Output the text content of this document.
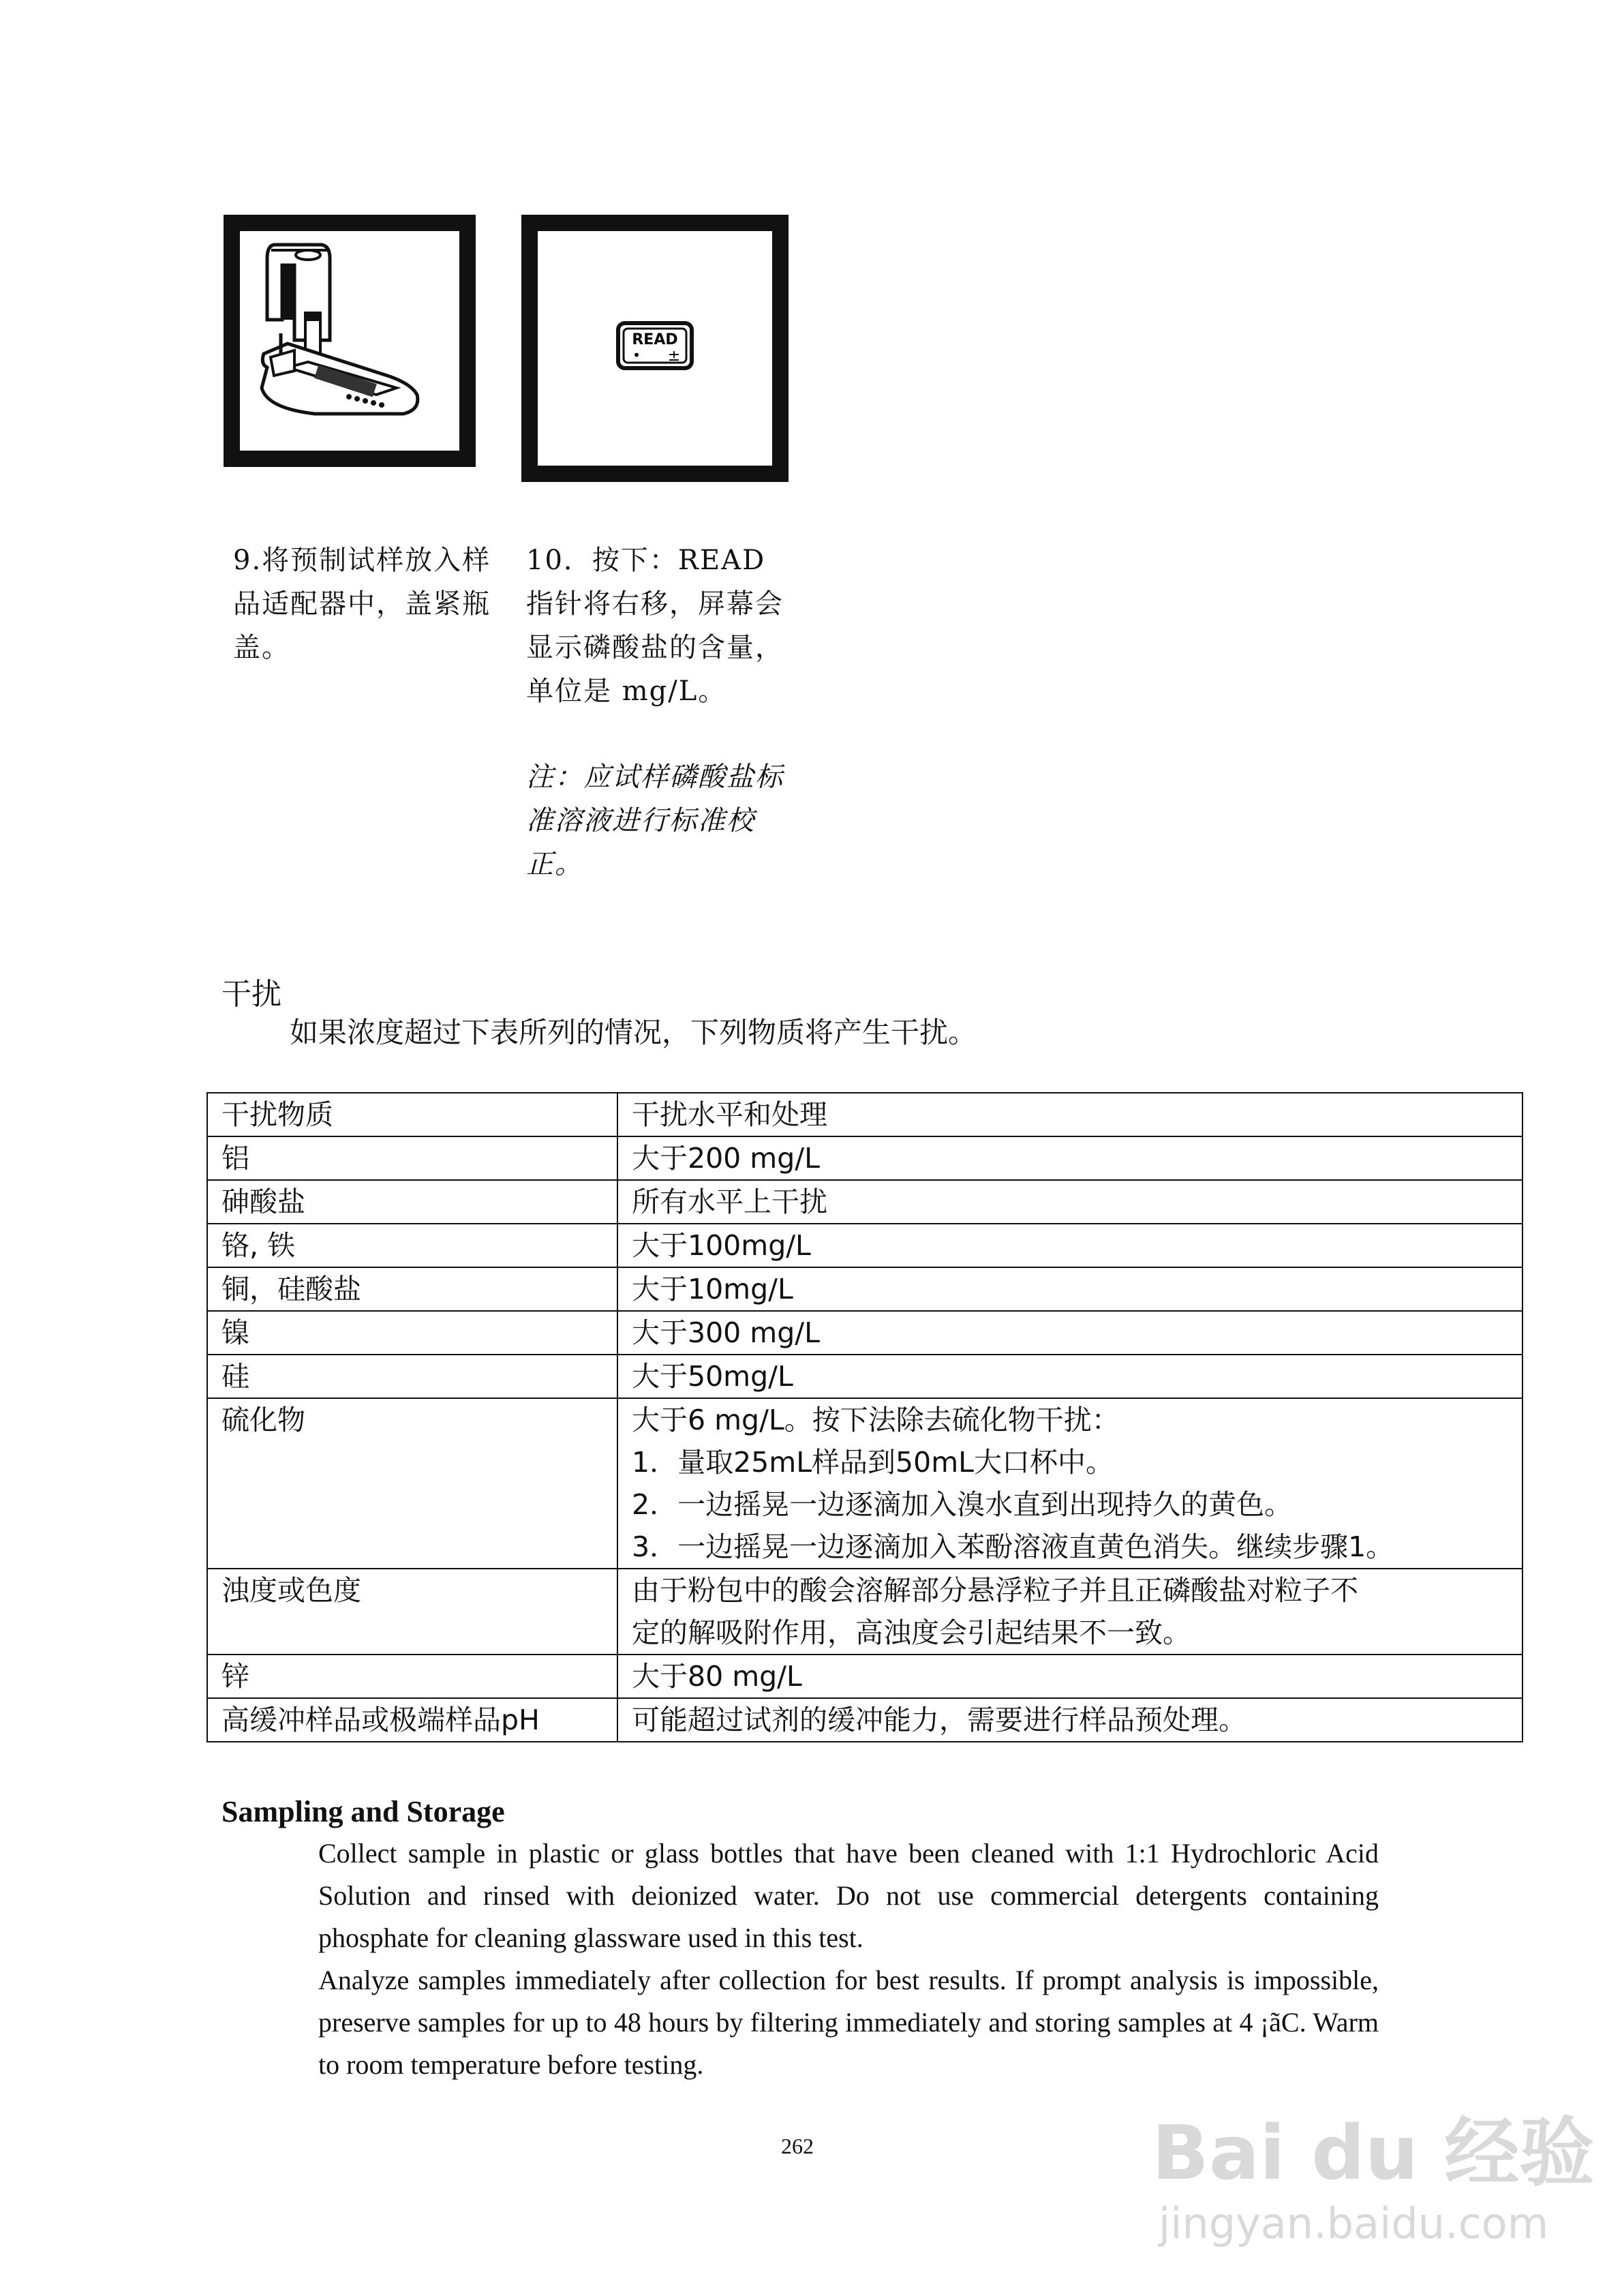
READ
• ±

9.将预制试样放入样

品适配器中，盖紧瓶

盖。

10．按下：READ

指针将右移，屏幕会

显示磷酸盐的含量，

单位是 mg/L。

注：应试样磷酸盐标

准溶液进行标准校

正。

干扰
如果浓度超过下表所列的情况，下列物质将产生干扰。
干扰物质	干扰水平和处理
铝	大于200 mg/L

砷酸盐	所有水平上干扰

铬, 铁	大于100mg/L

铜，硅酸盐	大于10mg/L

镍	大于300 mg/L

硅	大于50mg/L

硫化物	大于6 mg/L。按下法除去硫化物干扰：
1．量取25mL样品到50mL大口杯中。
2．一边摇晃一边逐滴加入溴水直到出现持久的黄色。
3．一边摇晃一边逐滴加入苯酚溶液直黄色消失。继续步骤1。

浊度或色度	由于粉包中的酸会溶解部分悬浮粒子并且正磷酸盐对粒子不
定的解吸附作用，高浊度会引起结果不一致。

锌	大于80 mg/L

高缓冲样品或极端样品pH	可能超过试剂的缓冲能力，需要进行样品预处理。
Sampling and Storage

Collect sample in plastic or glass bottles that have been cleaned with 1:1 Hydrochloric Acid Solution and rinsed with deionized water. Do not use commercial detergents containing phosphate for cleaning glassware used in this test.

Analyze samples immediately after collection for best results. If prompt analysis is impossible, preserve samples for up to 48 hours by filtering immediately and storing samples at 4 ¡ãC. Warm to room temperature before testing.

262	Bai du 经验
jingyan.baidu.com
